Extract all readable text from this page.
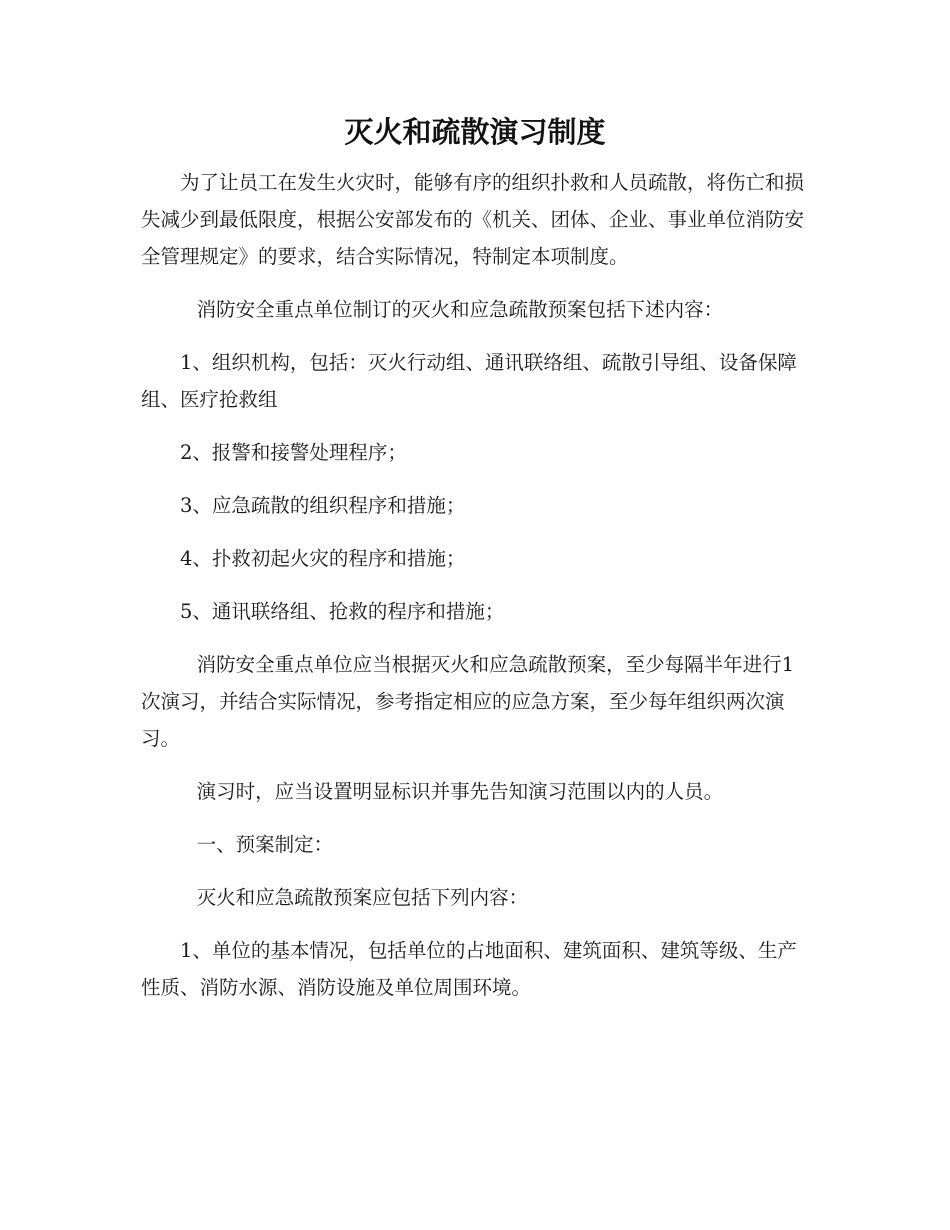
灭火和疏散演习制度

为了让员工在发生火灾时，能够有序的组织扑救和人员疏散，将伤亡和损失减少到最低限度，根据公安部发布的《机关、团体、企业、事业单位消防安全管理规定》的要求，结合实际情况，特制定本项制度。

消防安全重点单位制订的灭火和应急疏散预案包括下述内容：

1、组织机构，包括：灭火行动组、通讯联络组、疏散引导组、设备保障组、医疗抢救组

2、报警和接警处理程序；

3、应急疏散的组织程序和措施；

4、扑救初起火灾的程序和措施；

5、通讯联络组、抢救的程序和措施；

消防安全重点单位应当根据灭火和应急疏散预案，至少每隔半年进行1次演习，并结合实际情况，参考指定相应的应急方案，至少每年组织两次演习。

演习时，应当设置明显标识并事先告知演习范围以内的人员。

一、预案制定：

灭火和应急疏散预案应包括下列内容：

1、单位的基本情况，包括单位的占地面积、建筑面积、建筑等级、生产性质、消防水源、消防设施及单位周围环境。
